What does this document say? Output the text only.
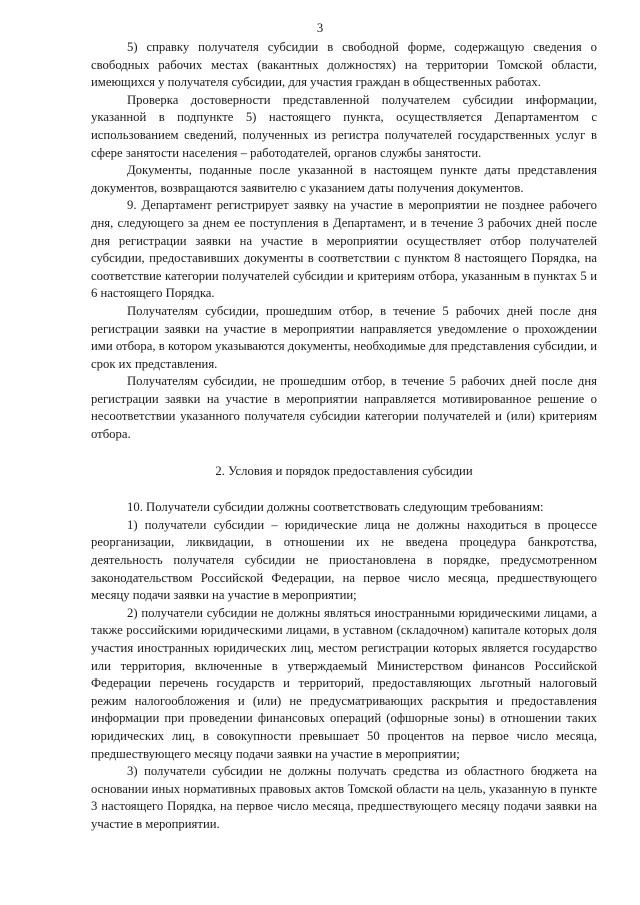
3

5) справку получателя субсидии в свободной форме, содержащую сведения о свободных рабочих местах (вакантных должностях) на территории Томской области, имеющихся у получателя субсидии, для участия граждан в общественных работах.

Проверка достоверности представленной получателем субсидии информации, указанной в подпункте 5) настоящего пункта, осуществляется Департаментом с использованием сведений, полученных из регистра получателей государственных услуг в сфере занятости населения – работодателей, органов службы занятости.

Документы, поданные после указанной в настоящем пункте даты представления документов, возвращаются заявителю с указанием даты получения документов.

9. Департамент регистрирует заявку на участие в мероприятии не позднее рабочего дня, следующего за днем ее поступления в Департамент, и в течение 3 рабочих дней после дня регистрации заявки на участие в мероприятии осуществляет отбор получателей субсидии, предоставивших документы в соответствии с пунктом 8 настоящего Порядка, на соответствие категории получателей субсидии и критериям отбора, указанным в пунктах 5 и 6 настоящего Порядка.

Получателям субсидии, прошедшим отбор, в течение 5 рабочих дней после дня регистрации заявки на участие в мероприятии направляется уведомление о прохождении ими отбора, в котором указываются документы, необходимые для представления субсидии, и срок их представления.

Получателям субсидии, не прошедшим отбор, в течение 5 рабочих дней после дня регистрации заявки на участие в мероприятии направляется мотивированное решение о несоответствии указанного получателя субсидии категории получателей и (или) критериям отбора.

2. Условия и порядок предоставления субсидии

10. Получатели субсидии должны соответствовать следующим требованиям:

1) получатели субсидии – юридические лица не должны находиться в процессе реорганизации, ликвидации, в отношении их не введена процедура банкротства, деятельность получателя субсидии не приостановлена в порядке, предусмотренном законодательством Российской Федерации, на первое число месяца, предшествующего месяцу подачи заявки на участие в мероприятии;

2) получатели субсидии не должны являться иностранными юридическими лицами, а также российскими юридическими лицами, в уставном (складочном) капитале которых доля участия иностранных юридических лиц, местом регистрации которых является государство или территория, включенные в утверждаемый Министерством финансов Российской Федерации перечень государств и территорий, предоставляющих льготный налоговый режим налогообложения и (или) не предусматривающих раскрытия и предоставления информации при проведении финансовых операций (офшорные зоны) в отношении таких юридических лиц, в совокупности превышает 50 процентов на первое число месяца, предшествующего месяцу подачи заявки на участие в мероприятии;

3) получатели субсидии не должны получать средства из областного бюджета на основании иных нормативных правовых актов Томской области на цель, указанную в пункте 3 настоящего Порядка, на первое число месяца, предшествующего месяцу подачи заявки на участие в мероприятии.
